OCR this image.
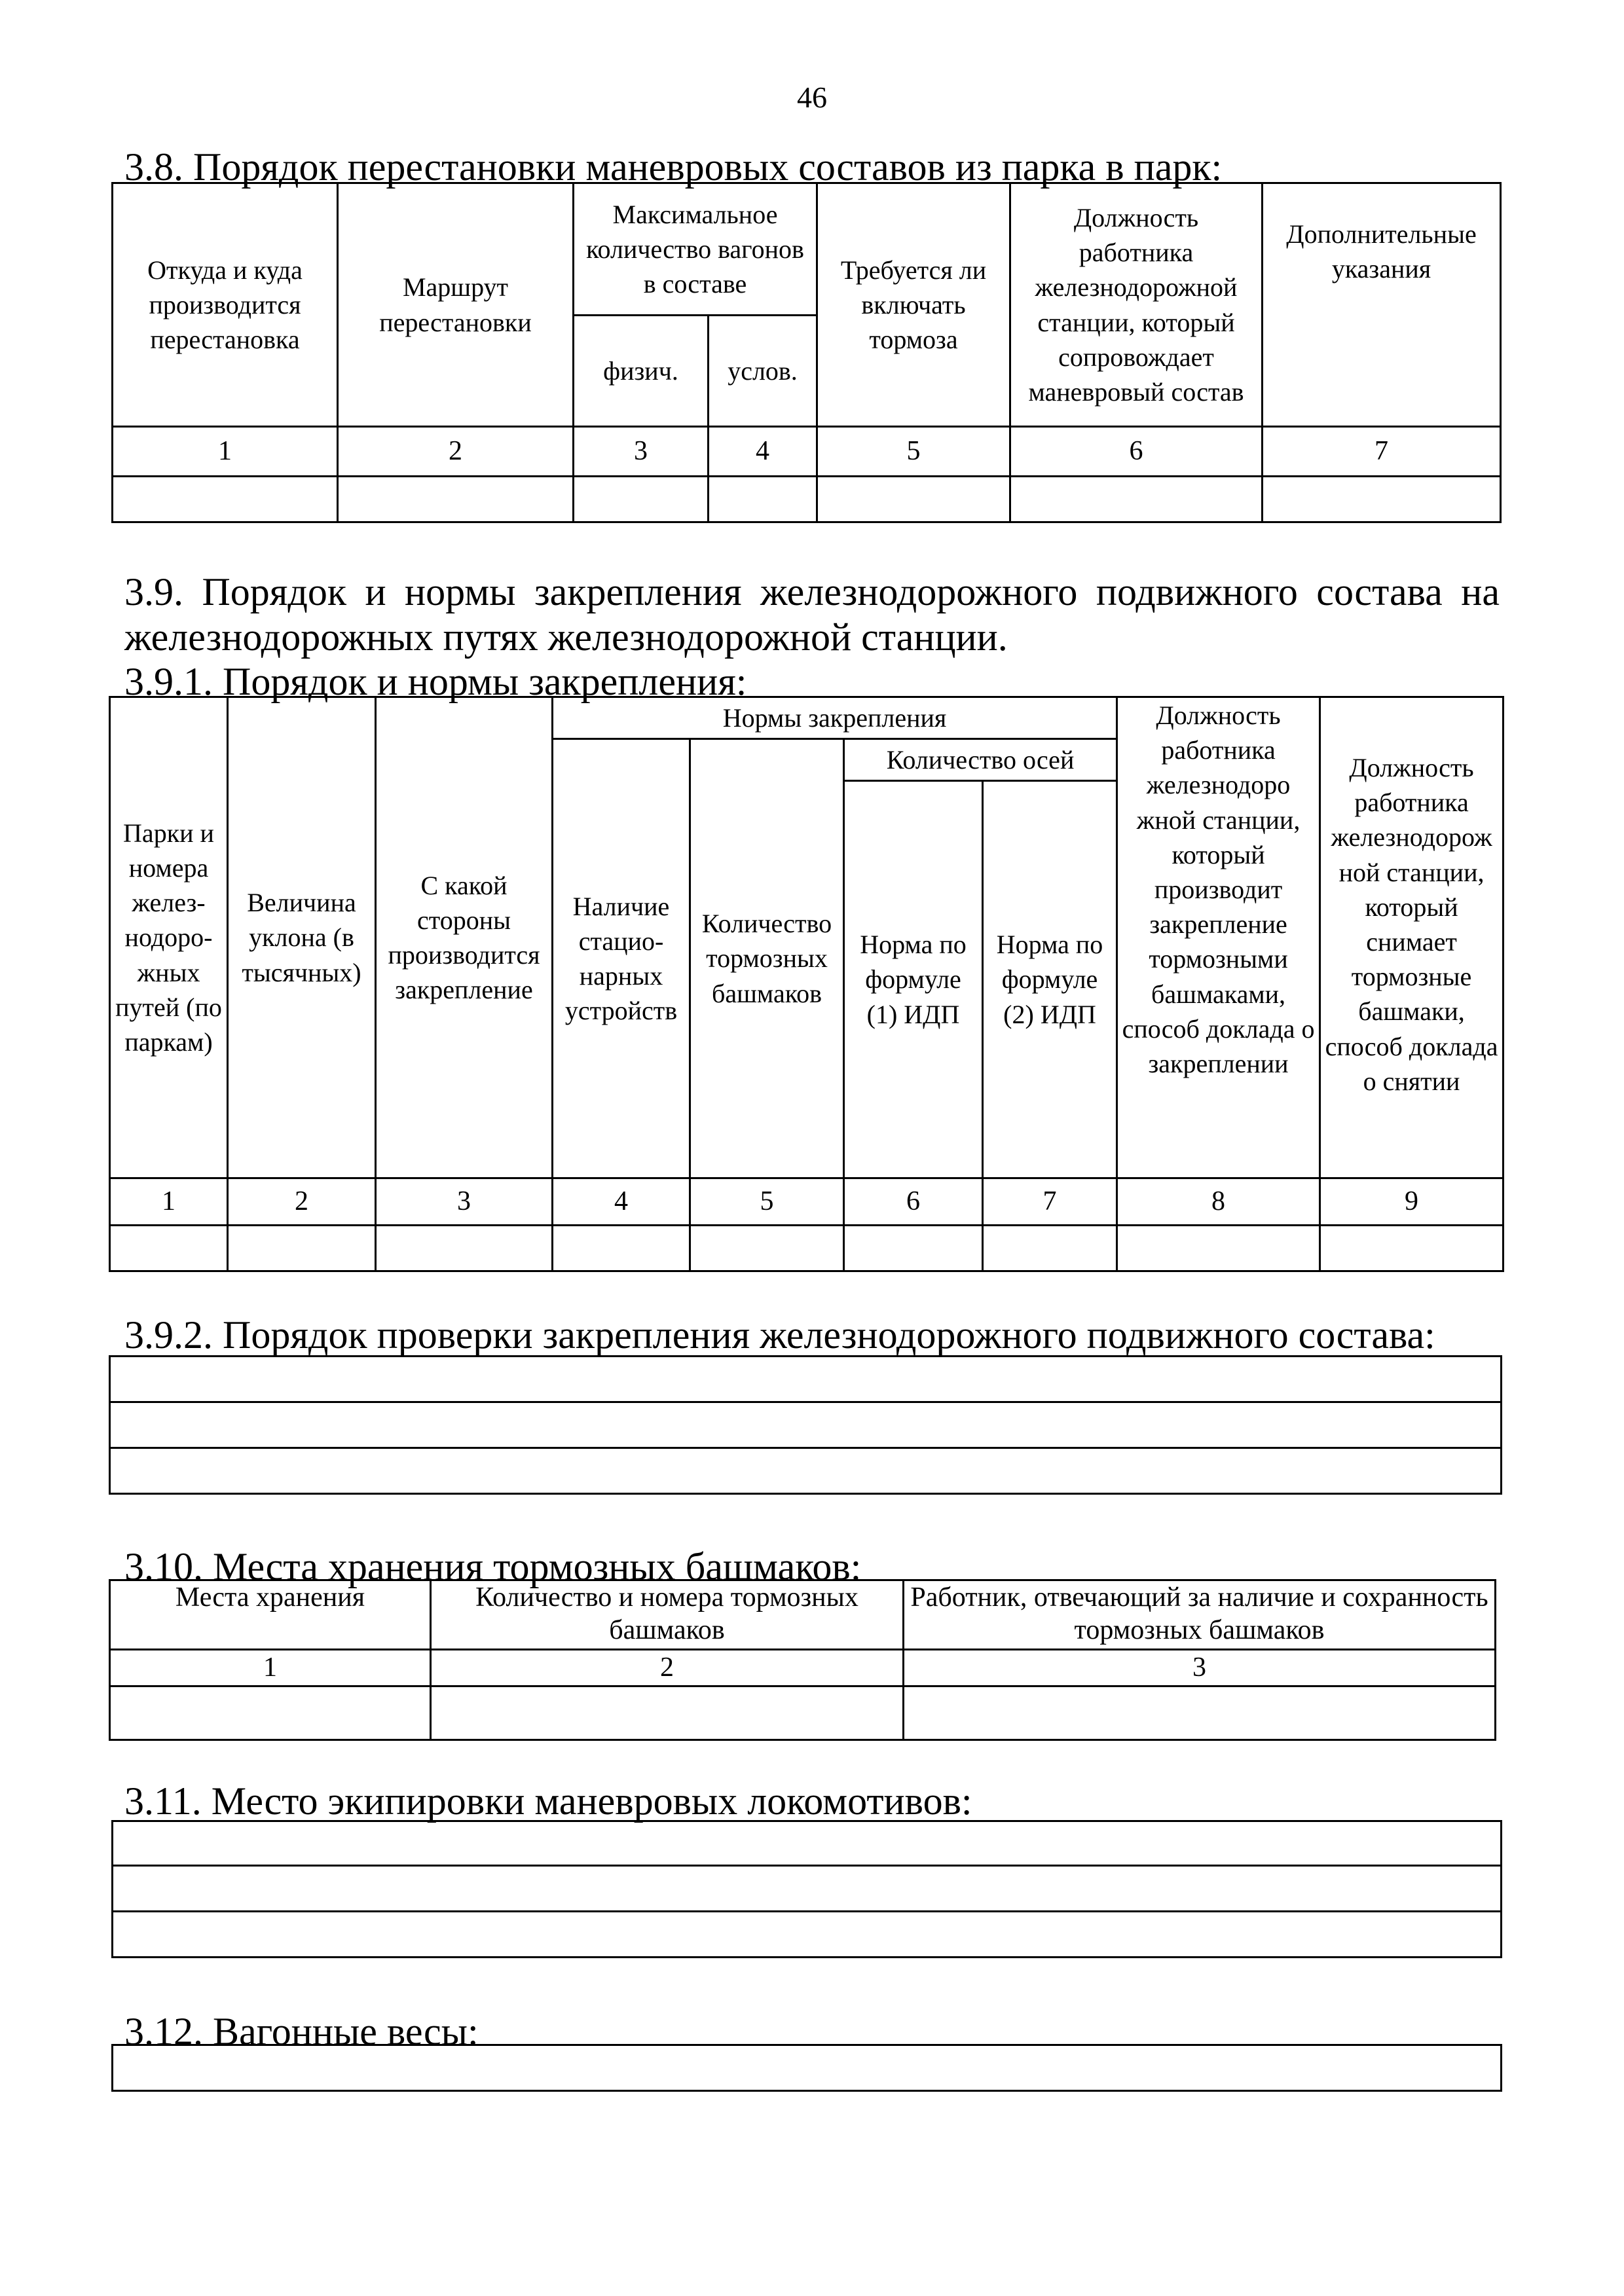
46
3.8. Порядок перестановки маневровых составов из парка в парк:
Откуда и куда производится перестановка	Маршрут перестановки	Максимальное количество вагонов в составе		Требуется ли включать тормоза	Должность работника железнодорожной станции, который сопровождает маневровый состав	Дополнительные указания
		физич.	услов.			
1	2	3	4	5	6	7

3.9. Порядок и нормы закрепления железнодорожного подвижного состава на железнодорожных путях железнодорожной станции.
3.9.1. Порядок и нормы закрепления:
Парки и номера желез-нодоро-жных путей (по паркам)	Величина уклона (в тысячных)	С какой стороны производится закрепление	Нормы закрепления				Должность работника железнодоро жной станции, который производит закрепление тормозными башмаками, способ доклада о закреплении	Должность работника железнодорож ной станции, который снимает тормозные башмаки, способ доклада о снятии
			Наличие стацио-нарных устройств	Количество тормозных башмаков	Количество осей			
					Норма по формуле (1) ИДП	Норма по формуле (2) ИДП		

1	2	3	4	5	6	7	8	9

3.9.2. Порядок проверки закрепления железнодорожного подвижного состава:

3.10. Места хранения тормозных башмаков:
Места хранения	Количество и номера тормозных башмаков	Работник, отвечающий за наличие и сохранность тормозных башмаков
1	2	3

3.11. Место экипировки маневровых локомотивов:

3.12. Вагонные весы:
